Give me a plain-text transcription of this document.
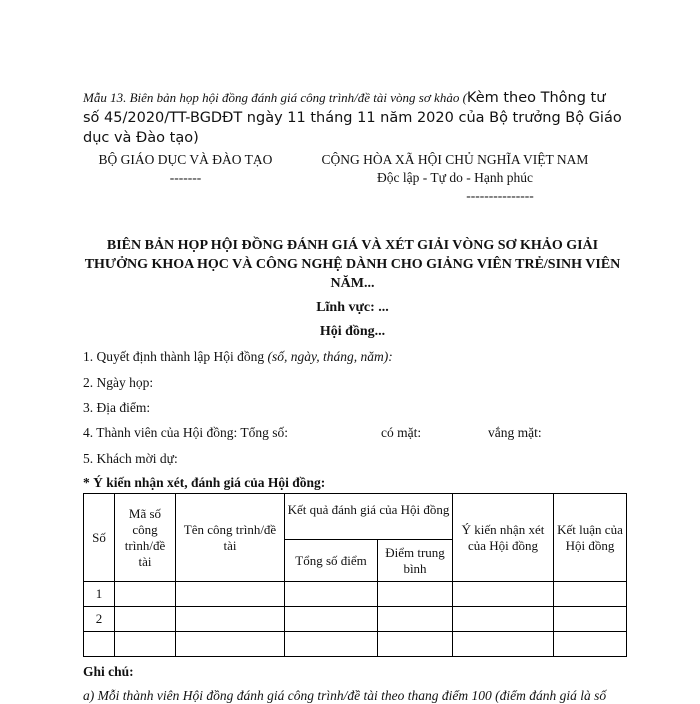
Mẫu 13. Biên bản họp hội đồng đánh giá công trình/đề tài vòng sơ khảo (Kèm theo Thông tư số 45/2020/TT-BGDĐT ngày 11 tháng 11 năm 2020 của Bộ trưởng Bộ Giáo dục và Đào tạo)
BỘ GIÁO DỤC VÀ ĐÀO TẠO
-------
CỘNG HÒA XÃ HỘI CHỦ NGHĨA VIỆT NAM
Độc lập - Tự do - Hạnh phúc
---------------
BIÊN BẢN HỌP HỘI ĐỒNG ĐÁNH GIÁ VÀ XÉT GIẢI VÒNG SƠ KHẢO GIẢI
THƯỞNG KHOA HỌC VÀ CÔNG NGHỆ DÀNH CHO GIẢNG VIÊN TRẺ/SINH VIÊN
NĂM...
Lĩnh vực: ...
Hội đồng...
1. Quyết định thành lập Hội đồng (số, ngày, tháng, năm):
2. Ngày họp:
3. Địa điểm:
4. Thành viên của Hội đồng: Tổng số:	có mặt:	vắng mặt:
5. Khách mời dự:
* Ý kiến nhận xét, đánh giá của Hội đồng:
Số	Mã số công trình/đề tài	Tên công trình/đề tài	Kết quả đánh giá của Hội đồng		Ý kiến nhận xét của Hội đồng	Kết luận của Hội đồng
			Tổng số điểm	Điểm trung bình		
1						
2						

Ghi chú:
a) Mỗi thành viên Hội đồng đánh giá công trình/đề tài theo thang điểm 100 (điểm đánh giá là số
